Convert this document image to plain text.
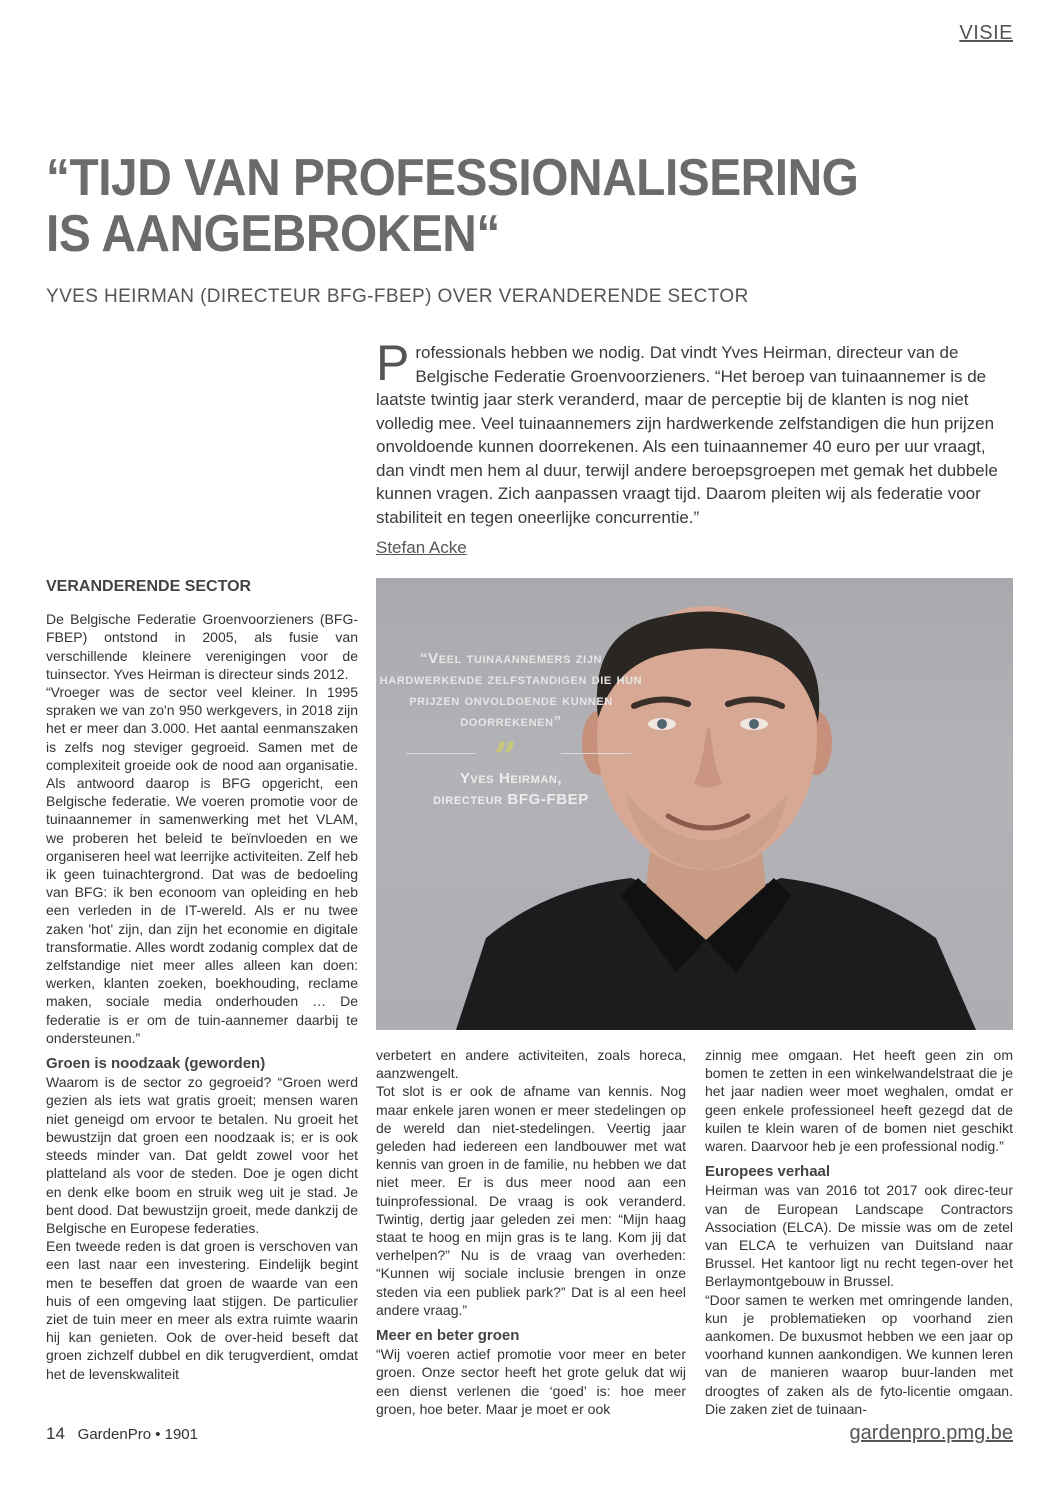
VISIE
“TIJD VAN PROFESSIONALISERING IS AANGEBROKEN“
YVES HEIRMAN (DIRECTEUR BFG-FBEP) OVER VERANDERENDE SECTOR

Professionals hebben we nodig. Dat vindt Yves Heirman, directeur van de Belgische Federatie Groenvoorzieners. “Het beroep van tuinaannemer is de laatste twintig jaar sterk veranderd, maar de perceptie bij de klanten is nog niet volledig mee. Veel tuinaannemers zijn hardwerkende zelfstandigen die hun prijzen onvoldoende kunnen doorrekenen. Als een tuinaannemer 40 euro per uur vraagt, dan vindt men hem al duur, terwijl andere beroepsgroepen met gemak het dubbele kunnen vragen. Zich aanpassen vraagt tijd. Daarom pleiten wij als federatie voor stabiliteit en tegen oneerlijke concurrentie.”

Stefan Acke
VERANDERENDE SECTOR

De Belgische Federatie Groenvoorzieners (BFG-FBEP) ontstond in 2005, als fusie van verschillende kleinere verenigingen voor de tuinsector. Yves Heirman is directeur sinds 2012.

“Vroeger was de sector veel kleiner. In 1995 spraken we van zo'n 950 werkgevers, in 2018 zijn het er meer dan 3.000. Het aantal eenmanszaken is zelfs nog steviger gegroeid. Samen met de complexiteit groeide ook de nood aan organisatie. Als antwoord daarop is BFG opgericht, een Belgische federatie. We voeren promotie voor de tuinaannemer in samenwerking met het VLAM, we proberen het beleid te beïnvloeden en we organiseren heel wat leerrijke activiteiten. Zelf heb ik geen tuinachtergrond. Dat was de bedoeling van BFG: ik ben econoom van opleiding en heb een verleden in de IT-wereld. Als er nu twee zaken 'hot' zijn, dan zijn het economie en digitale transformatie. Alles wordt zodanig complex dat de zelfstandige niet meer alles alleen kan doen: werken, klanten zoeken, boekhouding, reclame maken, sociale media onderhouden … De federatie is er om de tuin-aannemer daarbij te ondersteunen.”

Groen is noodzaak (geworden)

Waarom is de sector zo gegroeid? “Groen werd gezien als iets wat gratis groeit; mensen waren niet geneigd om ervoor te betalen. Nu groeit het bewustzijn dat groen een noodzaak is; er is ook steeds minder van. Dat geldt zowel voor het platteland als voor de steden. Doe je ogen dicht en denk elke boom en struik weg uit je stad. Je bent dood. Dat bewustzijn groeit, mede dankzij de Belgische en Europese federaties.

Een tweede reden is dat groen is verschoven van een last naar een investering. Eindelijk begint men te beseffen dat groen de waarde van een huis of een omgeving laat stijgen. De particulier ziet de tuin meer en meer als extra ruimte waarin hij kan genieten. Ook de over-heid beseft dat groen zichzelf dubbel en dik terugverdient, omdat het de levenskwaliteit

“Veel tuinaannemers zijn hardwerkende zelfstandigen die hun prijzen onvoldoende kunnen doorrekenen”
”
Yves Heirman,
directeur BFG-FBEP

verbetert en andere activiteiten, zoals horeca, aanzwengelt.

Tot slot is er ook de afname van kennis. Nog maar enkele jaren wonen er meer stedelingen op de wereld dan niet-stedelingen. Veertig jaar geleden had iedereen een landbouwer met wat kennis van groen in de familie, nu hebben we dat niet meer. Er is dus meer nood aan een tuinprofessional. De vraag is ook veranderd. Twintig, dertig jaar geleden zei men: “Mijn haag staat te hoog en mijn gras is te lang. Kom jij dat verhelpen?” Nu is de vraag van overheden: “Kunnen wij sociale inclusie brengen in onze steden via een publiek park?” Dat is al een heel andere vraag.”

Meer en beter groen

“Wij voeren actief promotie voor meer en beter groen. Onze sector heeft het grote geluk dat wij een dienst verlenen die ‘goed’ is: hoe meer groen, hoe beter. Maar je moet er ook

zinnig mee omgaan. Het heeft geen zin om bomen te zetten in een winkelwandelstraat die je het jaar nadien weer moet weghalen, omdat er geen enkele professioneel heeft gezegd dat de kuilen te klein waren of de bomen niet geschikt waren. Daarvoor heb je een professional nodig.”

Europees verhaal

Heirman was van 2016 tot 2017 ook direc-teur van de European Landscape Contractors Association (ELCA). De missie was om de zetel van ELCA te verhuizen van Duitsland naar Brussel. Het kantoor ligt nu recht tegen-over het Berlaymontgebouw in Brussel.

“Door samen te werken met omringende landen, kun je problematieken op voorhand zien aankomen. De buxusmot hebben we een jaar op voorhand kunnen aankondigen. We kunnen leren van de manieren waarop buur-landen met droogtes of zaken als de fyto-licentie omgaan. Die zaken ziet de tuinaan-

14 GardenPro • 1901	gardenpro.pmg.be
